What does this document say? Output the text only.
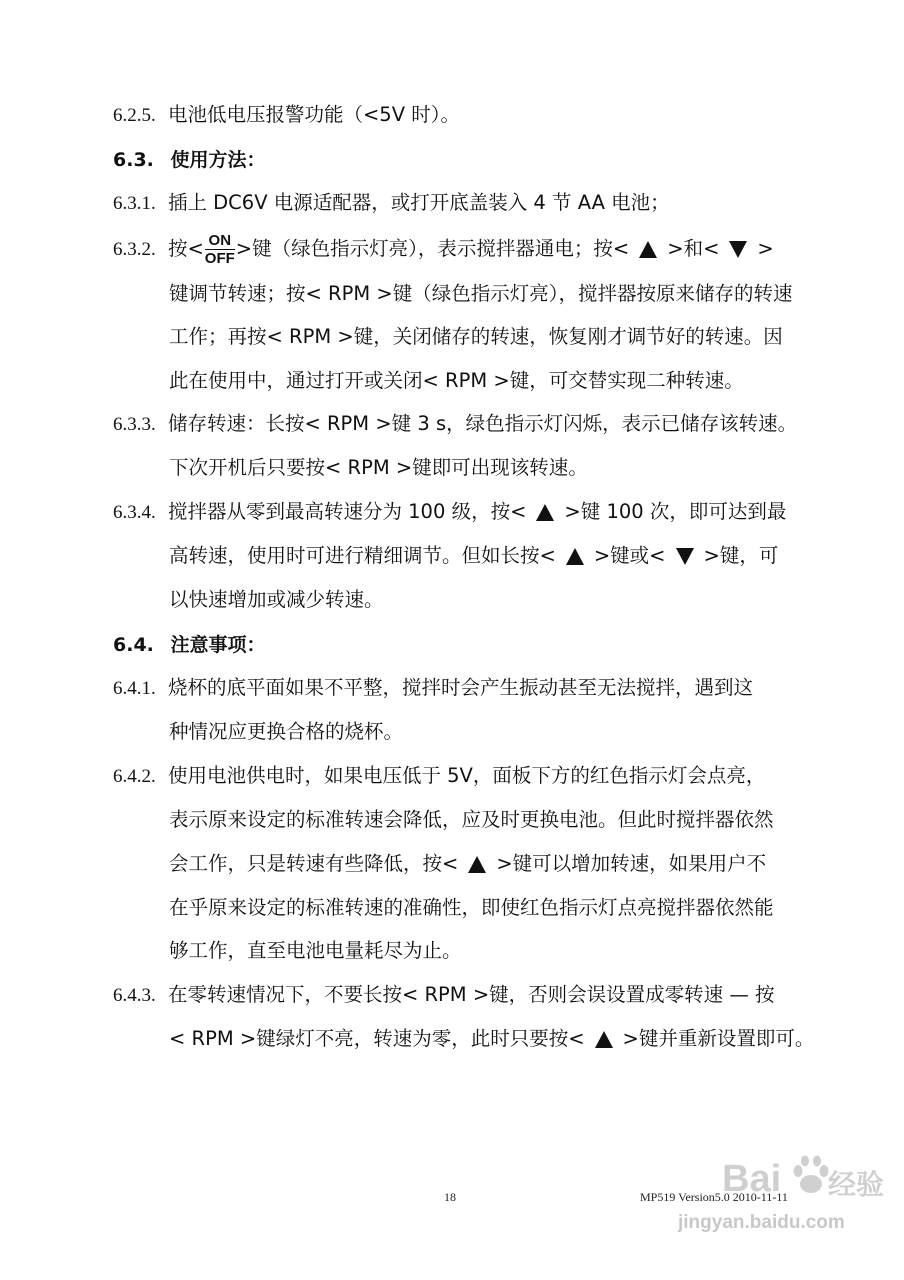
6.2.5. 电池低电压报警功能（<5V 时）。
6.3. 使用方法：
6.3.1. 插上 DC6V 电源适配器，或打开底盖装入 4 节 AA 电池；
6.3.2. 按< $\frac{ON}{\text{OFF}}$ >键（绿色指示灯亮），表示搅拌器通电；按< >和< >
键调节转速；按< RPM >键（绿色指示灯亮），搅拌器按原来储存的转速
工作；再按< RPM >键，关闭储存的转速，恢复刚才调节好的转速。因
此在使用中，通过打开或关闭< RPM >键，可交替实现二种转速。
6.3.3. 储存转速：长按< RPM >键 3 s，绿色指示灯闪烁，表示已储存该转速。
下次开机后只要按< RPM >键即可出现该转速。
6.3.4. 搅拌器从零到最高转速分为 100 级，按< >键 100 次，即可达到最
高转速，使用时可进行精细调节。但如长按< >键或< >键，可
以快速增加或减少转速。
6.4. 注意事项：
6.4.1. 烧杯的底平面如果不平整，搅拌时会产生振动甚至无法搅拌，遇到这
种情况应更换合格的烧杯。
6.4.2. 使用电池供电时，如果电压低于 5V，面板下方的红色指示灯会点亮，
表示原来设定的标准转速会降低，应及时更换电池。但此时搅拌器依然
会工作，只是转速有些降低，按< >键可以增加转速，如果用户不
在乎原来设定的标准转速的准确性，即使红色指示灯点亮搅拌器依然能
够工作，直至电池电量耗尽为止。
6.4.3. 在零转速情况下，不要长按< RPM >键，否则会误设置成零转速 — 按
< RPM >键绿灯不亮，转速为零，此时只要按< >键并重新设置即可。
18	MP519 Version5.0 2010-11-11
Bai 经验
jingyan.baidu.com
